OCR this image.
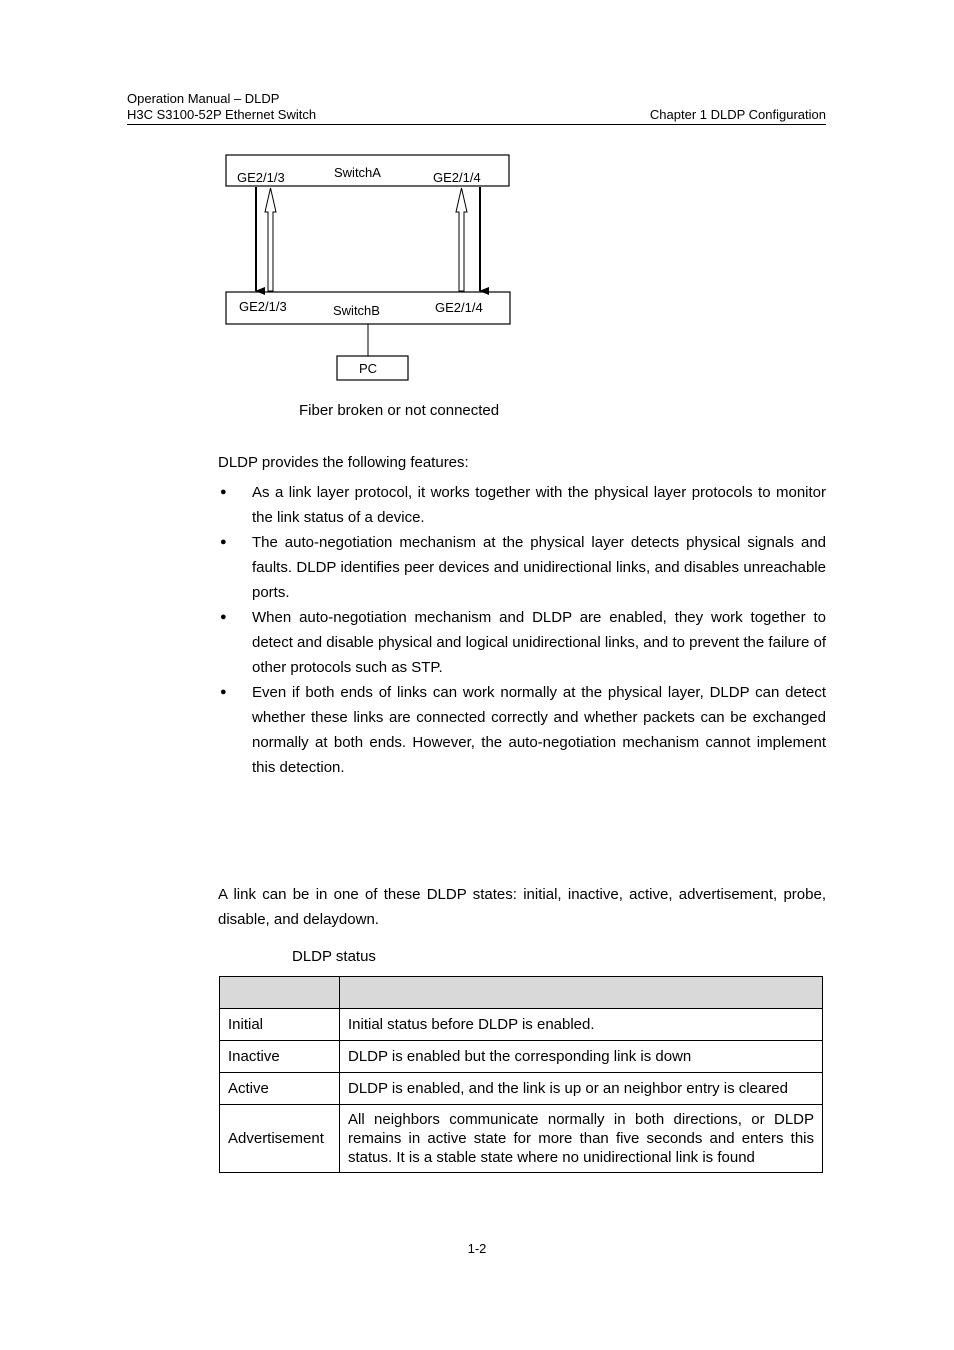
Operation Manual – DLDP
H3C S3100-52P Ethernet Switch	Chapter 1 DLDP Configuration
GE2/1/3	SwitchA	GE2/1/4
GE2/1/3	SwitchB	GE2/1/4
PC
Fiber broken or not connected
DLDP provides the following features:
● As a link layer protocol, it works together with the physical layer protocols to monitor the link status of a device.
● The auto-negotiation mechanism at the physical layer detects physical signals and faults. DLDP identifies peer devices and unidirectional links, and disables unreachable ports.
● When auto-negotiation mechanism and DLDP are enabled, they work together to detect and disable physical and logical unidirectional links, and to prevent the failure of other protocols such as STP.
● Even if both ends of links can work normally at the physical layer, DLDP can detect whether these links are connected correctly and whether packets can be exchanged normally at both ends. However, the auto-negotiation mechanism cannot implement this detection.
A link can be in one of these DLDP states: initial, inactive, active, advertisement, probe, disable, and delaydown.
DLDP status

Initial	Initial status before DLDP is enabled.
Inactive	DLDP is enabled but the corresponding link is down
Active	DLDP is enabled, and the link is up or an neighbor entry is cleared
Advertisement	All neighbors communicate normally in both directions, or DLDP remains in active state for more than five seconds and enters this status. It is a stable state where no unidirectional link is found
1-2
